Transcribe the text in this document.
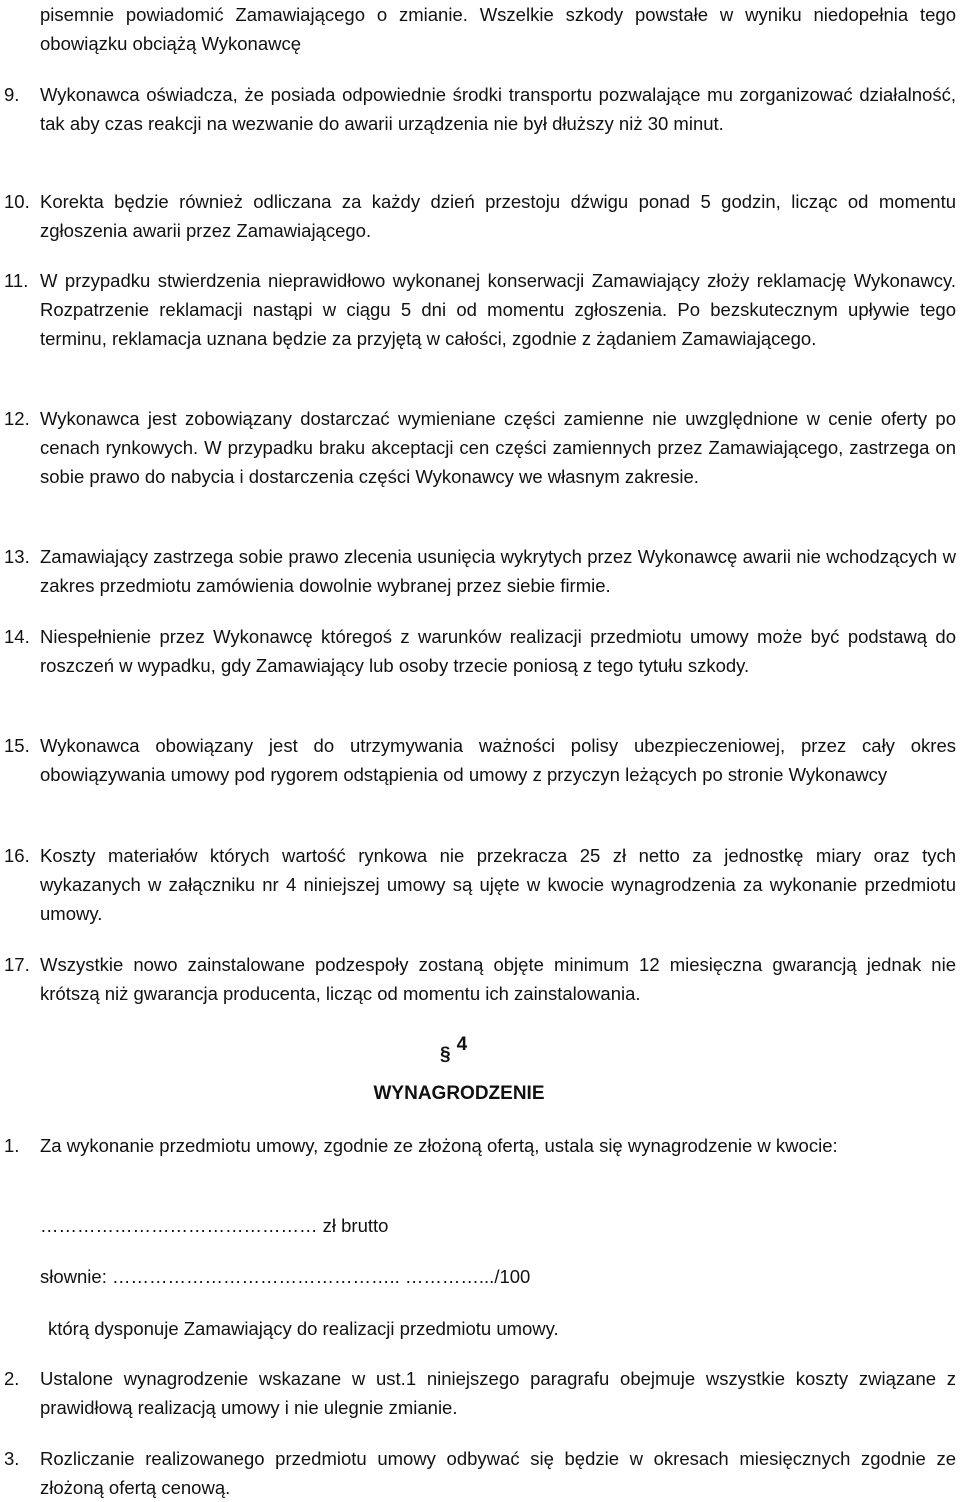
pisemnie powiadomić Zamawiającego o zmianie. Wszelkie szkody powstałe w wyniku niedopełnia tego obowiązku obciążą Wykonawcę
9. Wykonawca oświadcza, że posiada odpowiednie środki transportu pozwalające mu zorganizować działalność, tak aby czas reakcji na wezwanie do awarii urządzenia nie był dłuższy niż 30 minut.
10. Korekta będzie również odliczana za każdy dzień przestoju dźwigu ponad 5 godzin, licząc od momentu zgłoszenia awarii przez Zamawiającego.
11. W przypadku stwierdzenia nieprawidłowo wykonanej konserwacji Zamawiający złoży reklamację Wykonawcy. Rozpatrzenie reklamacji nastąpi w ciągu 5 dni od momentu zgłoszenia. Po bezskutecznym upływie tego terminu, reklamacja uznana będzie za przyjętą w całości, zgodnie z żądaniem Zamawiającego.
12. Wykonawca jest zobowiązany dostarczać wymieniane części zamienne nie uwzględnione w cenie oferty po cenach rynkowych. W przypadku braku akceptacji cen części zamiennych przez Zamawiającego, zastrzega on sobie prawo do nabycia i dostarczenia części Wykonawcy we własnym zakresie.
13. Zamawiający zastrzega sobie prawo zlecenia usunięcia wykrytych przez Wykonawcę awarii nie wchodzących w zakres przedmiotu zamówienia dowolnie wybranej przez siebie firmie.
14. Niespełnienie przez Wykonawcę któregoś z warunków realizacji przedmiotu umowy może być podstawą do roszczeń w wypadku, gdy Zamawiający lub osoby trzecie poniosą z tego tytułu szkody.
15. Wykonawca obowiązany jest do utrzymywania ważności polisy ubezpieczeniowej, przez cały okres obowiązywania umowy pod rygorem odstąpienia od umowy z przyczyn leżących po stronie Wykonawcy
16. Koszty materiałów których wartość rynkowa nie przekracza 25 zł netto za jednostkę miary oraz tych wykazanych w załączniku nr 4 niniejszej umowy są ujęte w kwocie wynagrodzenia za wykonanie przedmiotu umowy.
17. Wszystkie nowo zainstalowane podzespoły zostaną objęte minimum 12 miesięczna gwarancją jednak nie krótszą niż gwarancja producenta, licząc od momentu ich zainstalowania.
§ 4
WYNAGRODZENIE
1. Za wykonanie przedmiotu umowy, zgodnie ze złożoną ofertą, ustala się wynagrodzenie w kwocie:
……………………………………… zł brutto
słownie: ……………………………………….. ………….../100
którą dysponuje Zamawiający do realizacji przedmiotu umowy.
2. Ustalone wynagrodzenie wskazane w ust.1 niniejszego paragrafu obejmuje wszystkie koszty związane z prawidłową realizacją umowy i nie ulegnie zmianie.
3. Rozliczanie realizowanego przedmiotu umowy odbywać się będzie w okresach miesięcznych zgodnie ze złożoną ofertą cenową.
